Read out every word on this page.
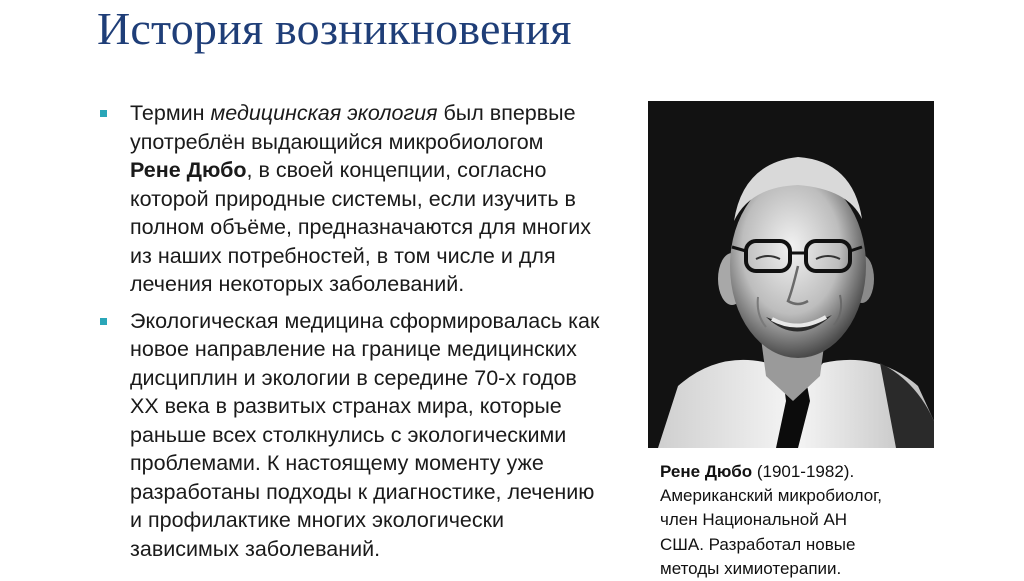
История возникновения
Термин медицинская экология был впервые
употреблён выдающийся микробиологом
Рене Дюбо, в своей концепции, согласно
которой природные системы, если изучить в
полном объёме, предназначаются для многих
из наших потребностей, в том числе и для
лечения некоторых заболеваний.
Экологическая медицина сформировалась как
новое направление на границе медицинских
дисциплин и экологии в середине 70-х годов
XX века в развитых странах мира, которые
раньше всех столкнулись с экологическими
проблемами. К настоящему моменту уже
разработаны подходы к диагностике, лечению
и профилактике многих экологически
зависимых заболеваний.
Рене Дюбо (1901-1982).
Американский микробиолог,
член Национальной АН
США. Разработал новые
методы химиотерапии.
